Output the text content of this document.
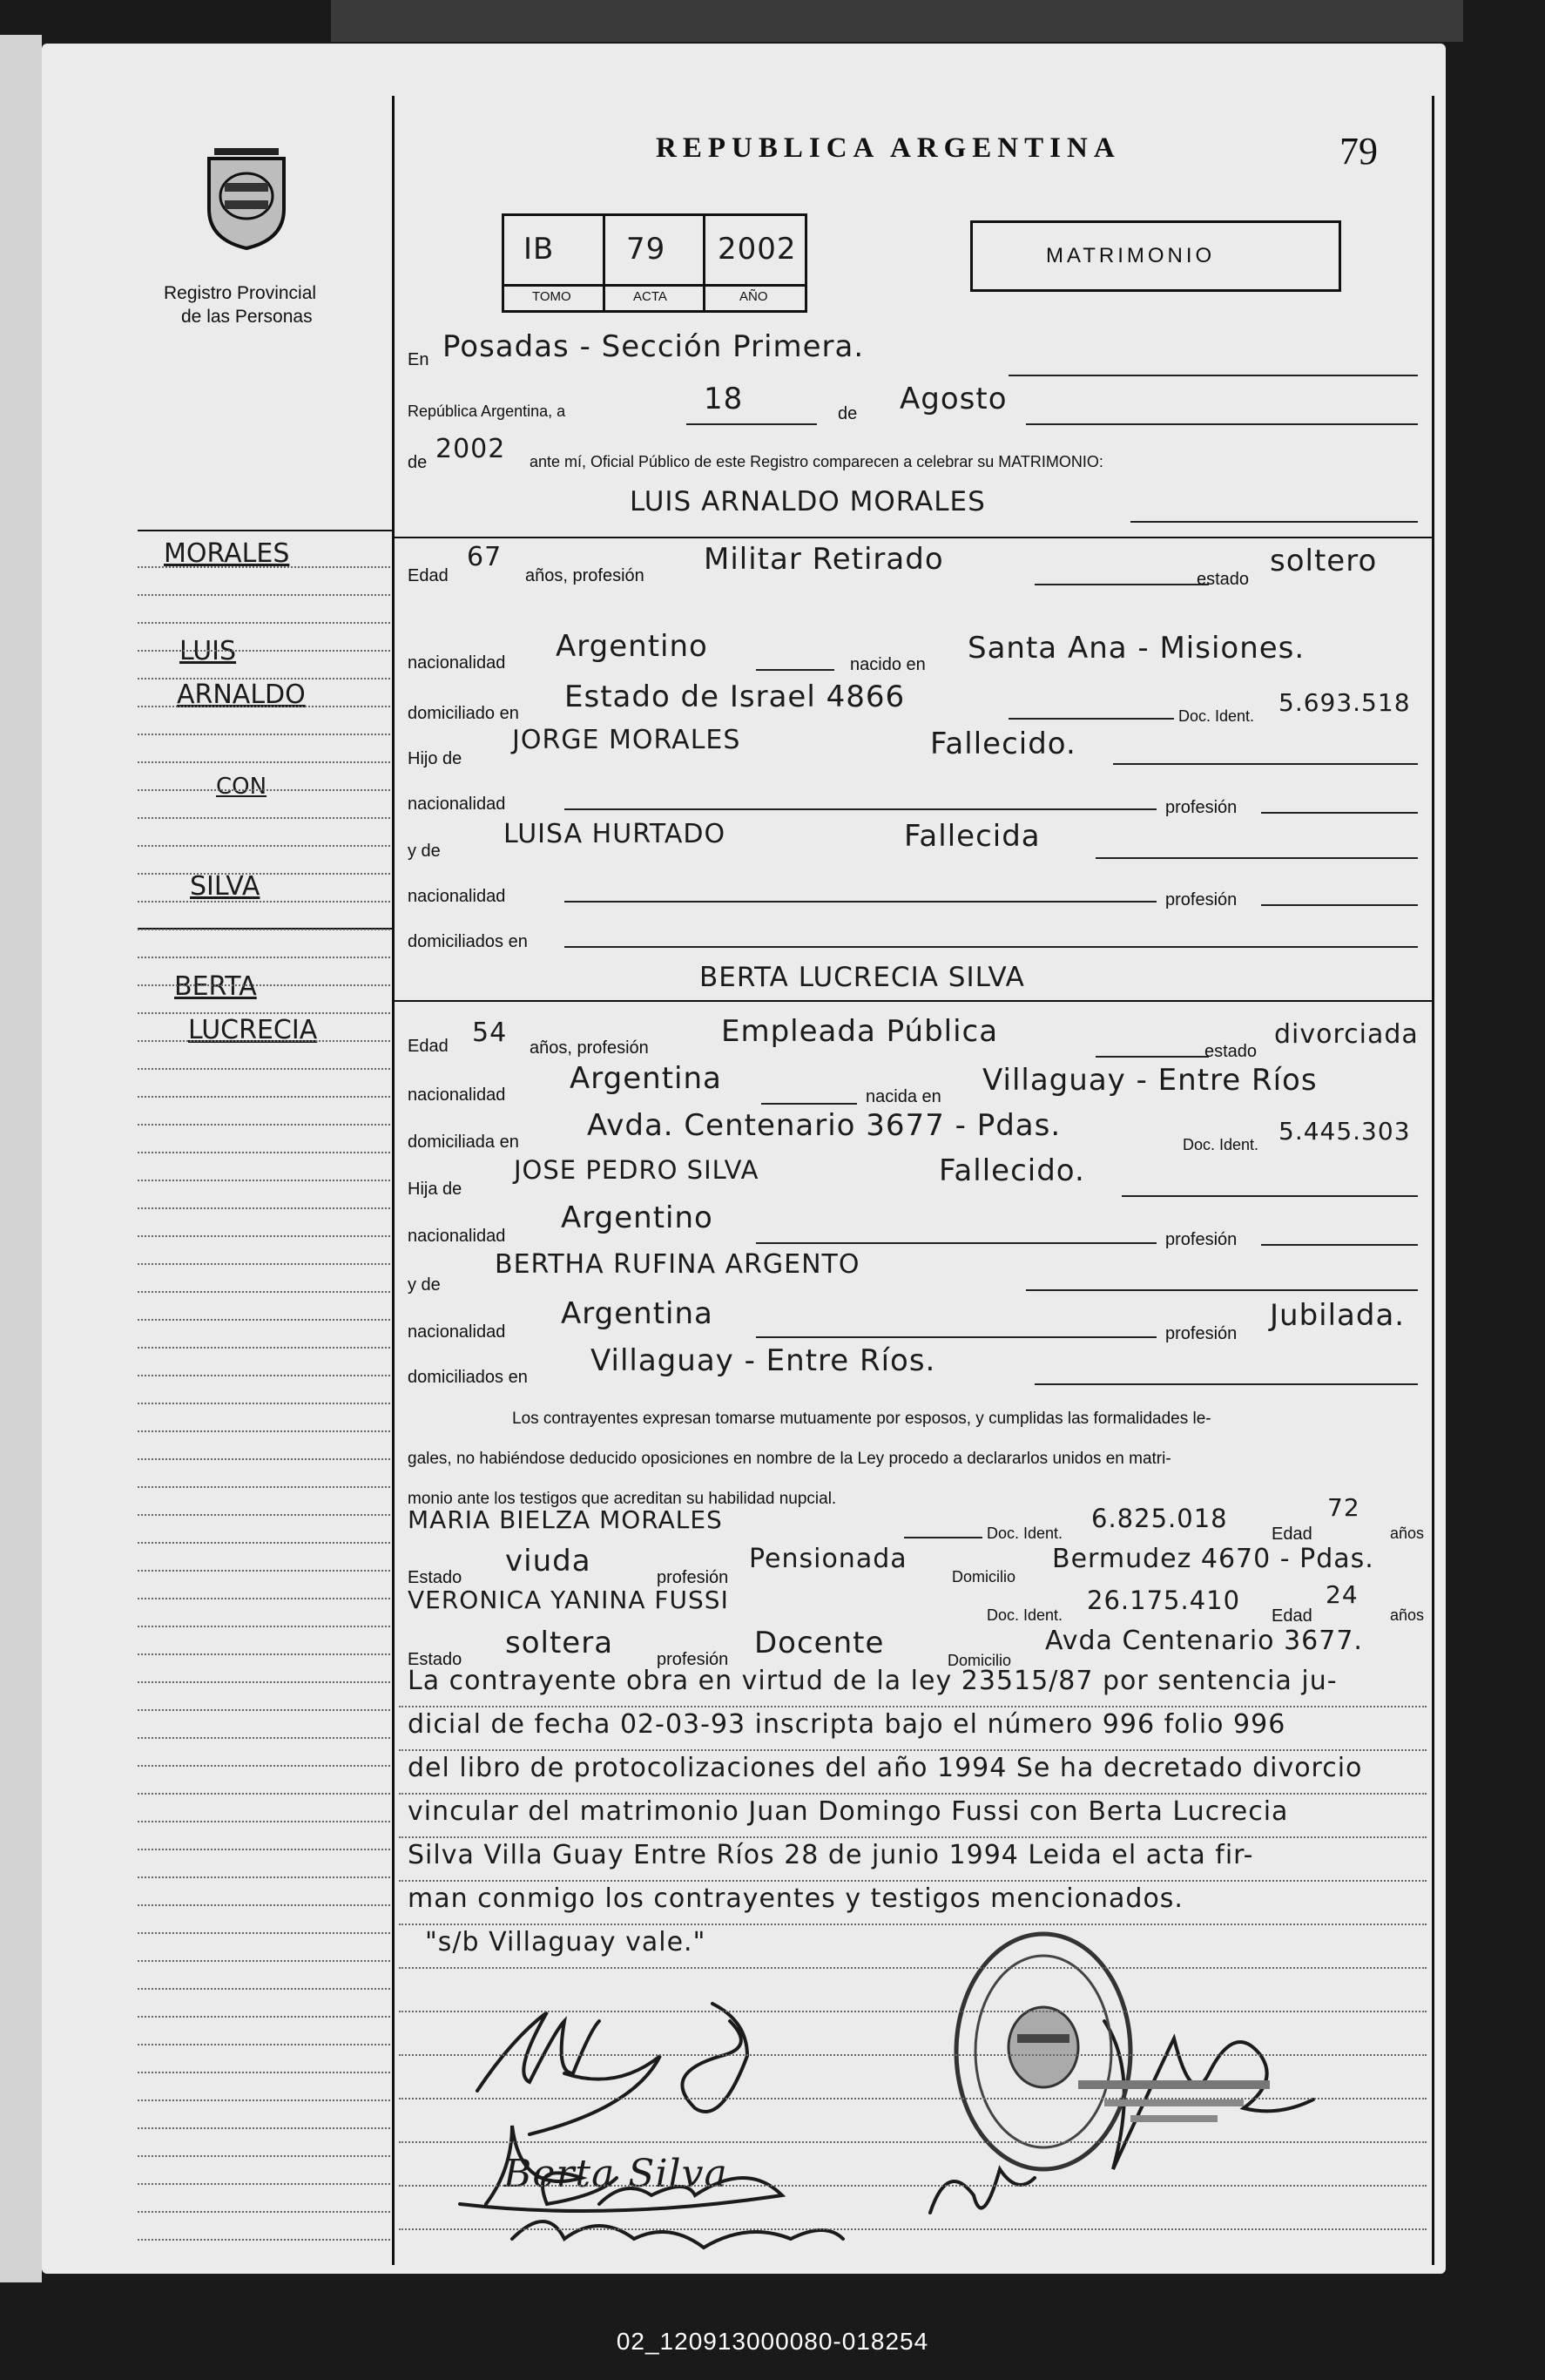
Registro Provincial
de las Personas
REPUBLICA ARGENTINA	79
IB 79 2002
TOMO	ACTA	AÑO
MATRIMONIO
MORALES
LUIS
ARNALDO
CON
SILVA
BERTA
LUCRECIA
En Posadas - Sección Primera.
República Argentina, a	18	de Agosto
de 2002 ante mí, Oficial Público de este Registro comparecen a celebrar su MATRIMONIO:
LUIS ARNALDO MORALES
Edad
67
años, profesión Militar Retirado
estado
soltero
nacionalidad Argentino
nacido en Santa Ana - Misiones.
domiciliado en Estado de Israel 4866
Doc. Ident. 5.693.518
Hijo de
JORGE MORALES	Fallecido.
nacionalidad	profesión
y de
LUISA HURTADO	Fallecida
nacionalidad	profesión
domiciliados en
BERTA LUCRECIA SILVA
Edad 54 años, profesión Empleada Pública
estado
divorciada
nacionalidad Argentina
nacida en Villaguay - Entre Ríos
domiciliada en Avda. Centenario 3677 - Pdas.
Doc. Ident. 5.445.303
Hija de
JOSE PEDRO SILVA	Fallecido.
nacionalidad
Argentino
profesión
y de
BERTHA RUFINA ARGENTO
nacionalidad
Argentina
profesión
Jubilada.
domiciliados en Villaguay - Entre Ríos.
Los contrayentes expresan tomarse mutuamente por esposos, y cumplidas las formalidades le-
gales, no habiéndose deducido oposiciones en nombre de la Ley procedo a declararlos unidos en matri-
monio ante los testigos que acreditan su habilidad nupcial.
MARIA BIELZA MORALES	Doc. Ident. 6.825.018
Edad
72
años
Estado viuda	profesión
Pensionada
Domicilio
Bermudez 4670 - Pdas.
VERONICA YANINA FUSSI
Doc. Ident. 26.175.410
Edad
24
años
Estado soltera profesión Docente	Domicilio
Avda Centenario 3677.
La contrayente obra en virtud de la ley 23515/87 por sentencia ju-
dicial de fecha 02-03-93 inscripta bajo el número 996 folio 996
del libro de protocolizaciones del año 1994 Se ha decretado divorcio
vincular del matrimonio Juan Domingo Fussi con Berta Lucrecia
Silva Villa Guay Entre Ríos 28 de junio 1994 Leida el acta fir-
man conmigo los contrayentes y testigos mencionados.
"s/b Villaguay vale."
Berta Silva
02_120913000080-018254
